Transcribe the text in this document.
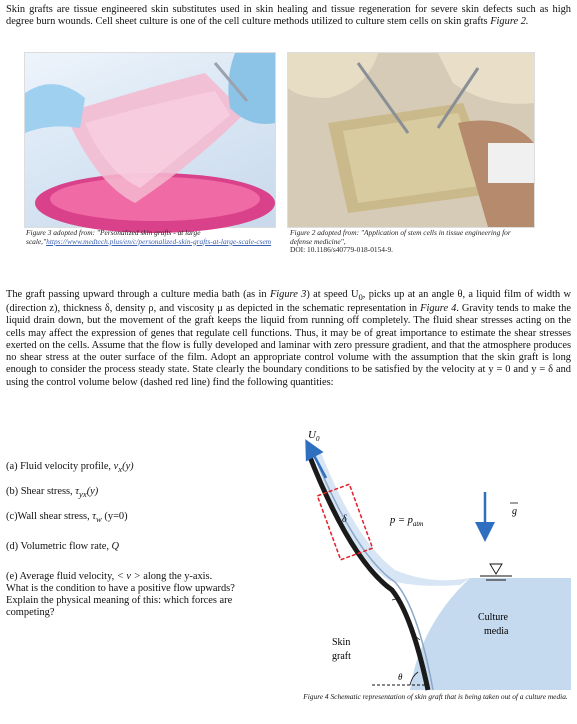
Skin grafts are tissue engineered skin substitutes used in skin healing and tissue regeneration for severe skin defects such as high degree burn wounds. Cell sheet culture is one of the cell culture methods utilized to culture stem cells on skin grafts Figure 2.

Figure 3 adopted from: "Personalized skin grafts - at large scale,"https://www.medtech.plus/en/c/personalized-skin-grafts-at-large-scale-csem
Figure 2 adopted from: "Application of stem cells in tissue engineering for defense medicine",
DOI: 10.1186/s40779-018-0154-9.

The graft passing upward through a culture media bath (as in Figure 3) at speed $U_0$, picks up at an angle θ, a liquid film of width w (direction z), thickness δ, density ρ, and viscosity μ as depicted in the schematic representation in Figure 4. Gravity tends to make the liquid drain down, but the movement of the graft keeps the liquid from running off completely. The fluid shear stresses acting on the cells may affect the expression of genes that regulate cell functions. Thus, it may be of great importance to estimate the shear stresses exerted on the cells. Assume that the flow is fully developed and laminar with zero pressure gradient, and that the atmosphere produces no shear stress at the outer surface of the film. Adopt an appropriate control volume with the assumption that the skin graft is long enough to consider the process steady state. State clearly the boundary conditions to be satisfied by the velocity at y = 0 and y = δ and using the control volume below (dashed red line) find the following quantities:

(a) Fluid velocity profile, $v_x(y)$

(b) Shear stress, $\tau_{yx}(y)$

(c)Wall shear stress, $\tau_w$ (y=0)

(d) Volumetric flow rate, Q

(e) Average fluid velocity, < v > along the y-axis.
What is the condition to have a positive flow upwards?
Explain the physical meaning of this: which forces are
competing?

$U_0$
δ	$p = p_{atm}$
g
Culture
media
Skin
graft
θ
Figure 4 Schematic representation of skin graft that is being taken out of a culture media.
